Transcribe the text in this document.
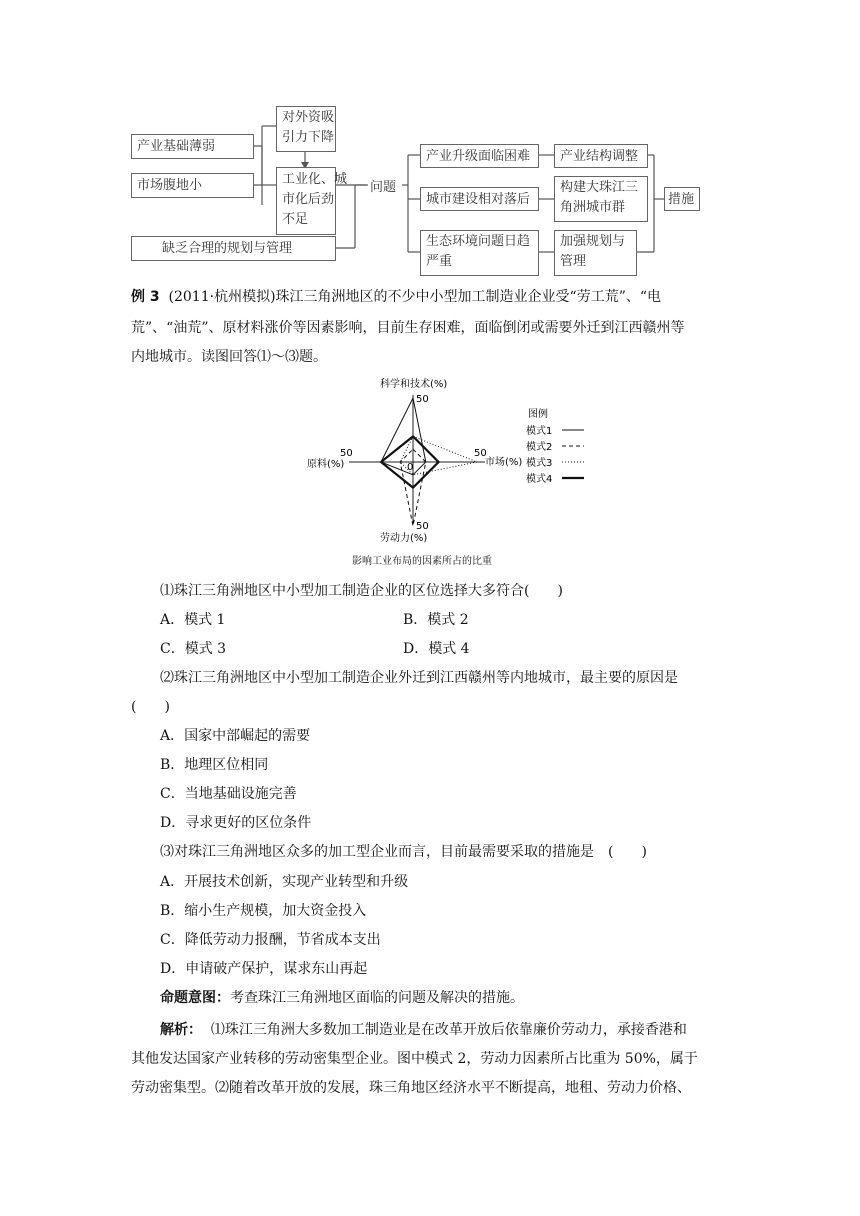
产业基础薄弱
市场腹地小
缺乏合理的规划与管理
对外资吸
引力下降
工业化、城
市化后劲
不足
问题
产业升级面临困难
城市建设相对落后
生态环境问题日趋
严重
产业结构调整
构建大珠江三
角洲城市群
加强规划与
管理
措施
例 3 (2011·杭州模拟)珠江三角洲地区的不少中小型加工制造业企业受“劳工荒”、“电
荒”、“油荒”、原材料涨价等因素影响，目前生存困难，面临倒闭或需要外迁到江西赣州等
内地城市。读图回答⑴～⑶题。
科学和技术(%)
50
50
原料(%)
50
市场(%)
0
50
劳动力(%)
图例
模式1
模式2
模式3
模式4
影响工业布局的因素所占的比重
⑴珠江三角洲地区中小型加工制造企业的区位选择大多符合(　　)
A．模式 1	B．模式 2
C．模式 3	D．模式 4
⑵珠江三角洲地区中小型加工制造企业外迁到江西赣州等内地城市，最主要的原因是
(　　)
A．国家中部崛起的需要
B．地理区位相同
C．当地基础设施完善
D．寻求更好的区位条件
⑶对珠江三角洲地区众多的加工型企业而言，目前最需要采取的措施是　(　　)
A．开展技术创新，实现产业转型和升级
B．缩小生产规模，加大资金投入
C．降低劳动力报酬，节省成本支出
D．申请破产保护，谋求东山再起
命题意图：考查珠江三角洲地区面临的问题及解决的措施。
解析： ⑴珠江三角洲大多数加工制造业是在改革开放后依靠廉价劳动力，承接香港和
其他发达国家产业转移的劳动密集型企业。图中模式 2，劳动力因素所占比重为 50%，属于
劳动密集型。⑵随着改革开放的发展，珠三角地区经济水平不断提高，地租、劳动力价格、
